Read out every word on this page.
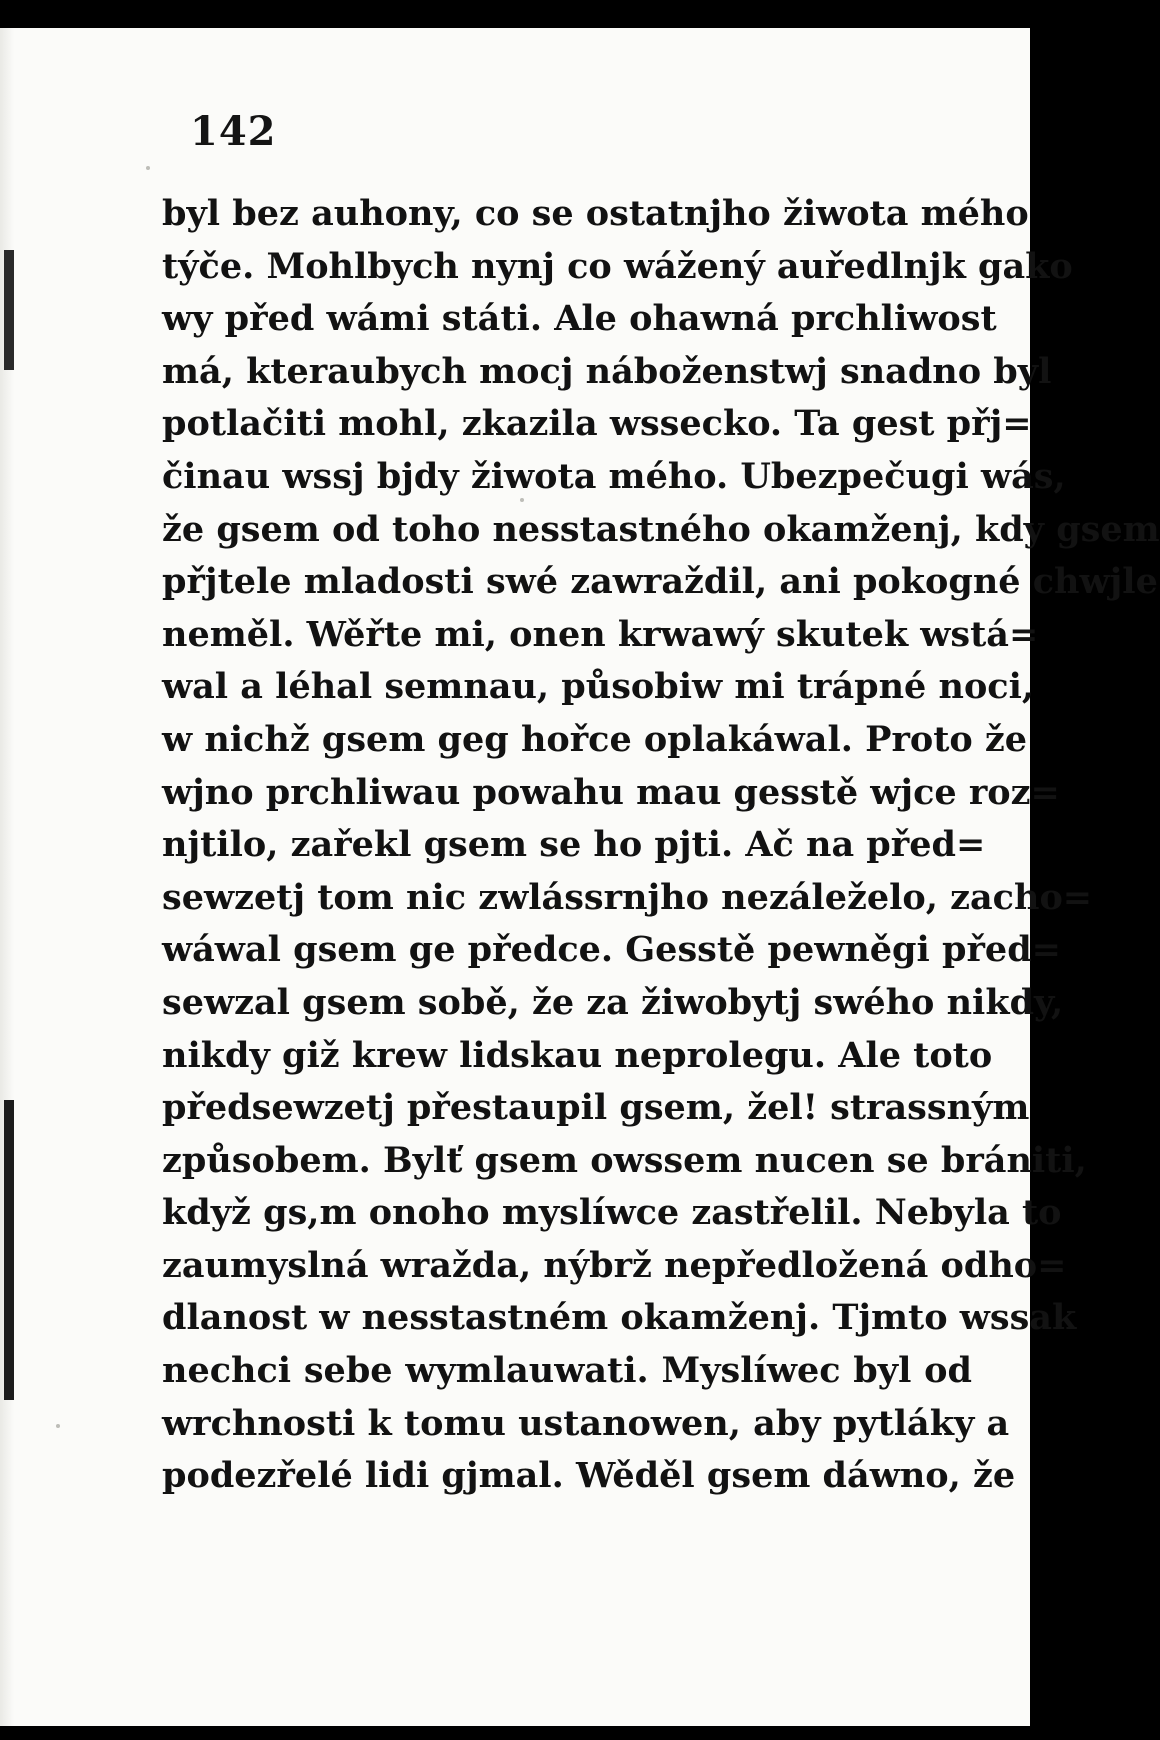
142
byl bez auhony, co se ostatnjho žiwota mého
týče. Mohlbych nynj co wážený auředlnjk gako
wy před wámi státi. Ale ohawná prchliwost
má, kteraubych mocj náboženstwj snadno byl
potlačiti mohl, zkazila wssecko. Ta gest přj=
činau wssj bjdy žiwota mého. Ubezpečugi wás,
že gsem od toho nesstastného okamženj, kdy gsem
přjtele mladosti swé zawraždil, ani pokogné chwjle
neměl. Wěřte mi, onen krwawý skutek wstá=
wal a léhal semnau, působiw mi trápné noci,
w nichž gsem geg hořce oplakáwal. Proto že
wjno prchliwau powahu mau gesstě wjce roz=
njtilo, zařekl gsem se ho pjti. Ač na před=
sewzetj tom nic zwlássrnjho nezáleželo, zacho=
wáwal gsem ge předce. Gesstě pewněgi před=
sewzal gsem sobě, že za žiwobytj swého nikdy,
nikdy giž krew lidskau neprolegu. Ale toto
předsewzetj přestaupil gsem, žel! strassným
způsobem. Bylť gsem owssem nucen se brániti,
když gs,m onoho myslíwce zastřelil. Nebyla to
zaumyslná wražda, nýbrž nepředložená odho=
dlanost w nesstastném okamženj. Tjmto wssak
nechci sebe wymlauwati. Myslíwec byl od
wrchnosti k tomu ustanowen, aby pytláky a
podezřelé lidi gjmal. Wěděl gsem dáwno, že
